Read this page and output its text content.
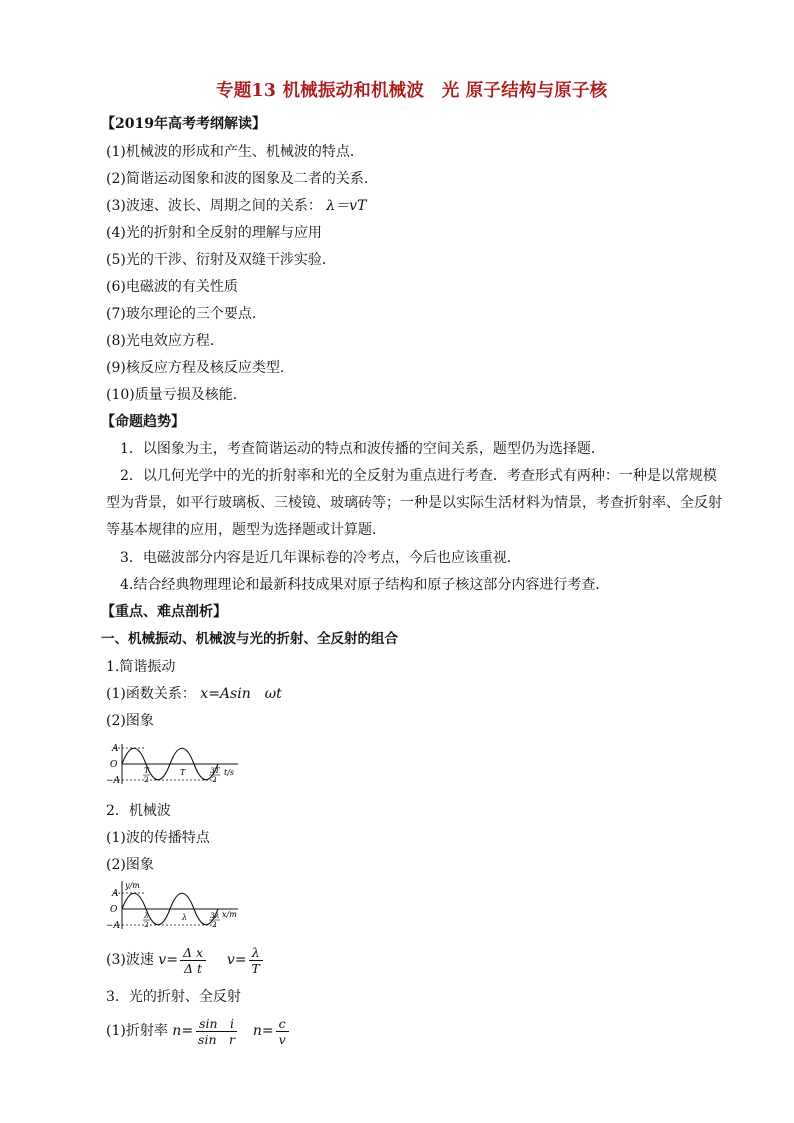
专题13 机械振动和机械波　光 原子结构与原子核
【2019年高考考纲解读】
(1)机械波的形成和产生、机械波的特点．
(2)简谐运动图象和波的图象及二者的关系．
(3)波速、波长、周期之间的关系： λ＝vT
(4)光的折射和全反射的理解与应用
(5)光的干涉、衍射及双缝干涉实验．
(6)电磁波的有关性质
(7)玻尔理论的三个要点．
(8)光电效应方程．
(9)核反应方程及核反应类型．
(10)质量亏损及核能．
【命题趋势】
1．以图象为主，考查简谐运动的特点和波传播的空间关系，题型仍为选择题．
2．以几何光学中的光的折射率和光的全反射为重点进行考查．考查形式有两种：一种是以常规模型为背景，如平行玻璃板、三棱镜、玻璃砖等；一种是以实际生活材料为情景，考查折射率、全反射等基本规律的应用，题型为选择题或计算题．
3．电磁波部分内容是近几年课标卷的冷考点，今后也应该重视．
4.结合经典物理理论和最新科技成果对原子结构和原子核这部分内容进行考查．
【重点、难点剖析】
一、机械振动、机械波与光的折射、全反射的组合
1.简谐振动
(1)函数关系： x=Asin　ωt
(2)图象
A
O
−A
T
2
T	3T
2
t/s
2．机械波
(1)波的传播特点
(2)图象
y/m
A
O
−A
λ
2
λ	3λ
2
x/m
(3)波速 $v= \frac{\text{Δ x}}{\text{Δ t}} v= \frac{\lambda}{T}$
3．光的折射、全反射
(1)折射率 $n= \frac{\text{sin　i}}{\text{sin　r}} n= \frac{c}{v}$
